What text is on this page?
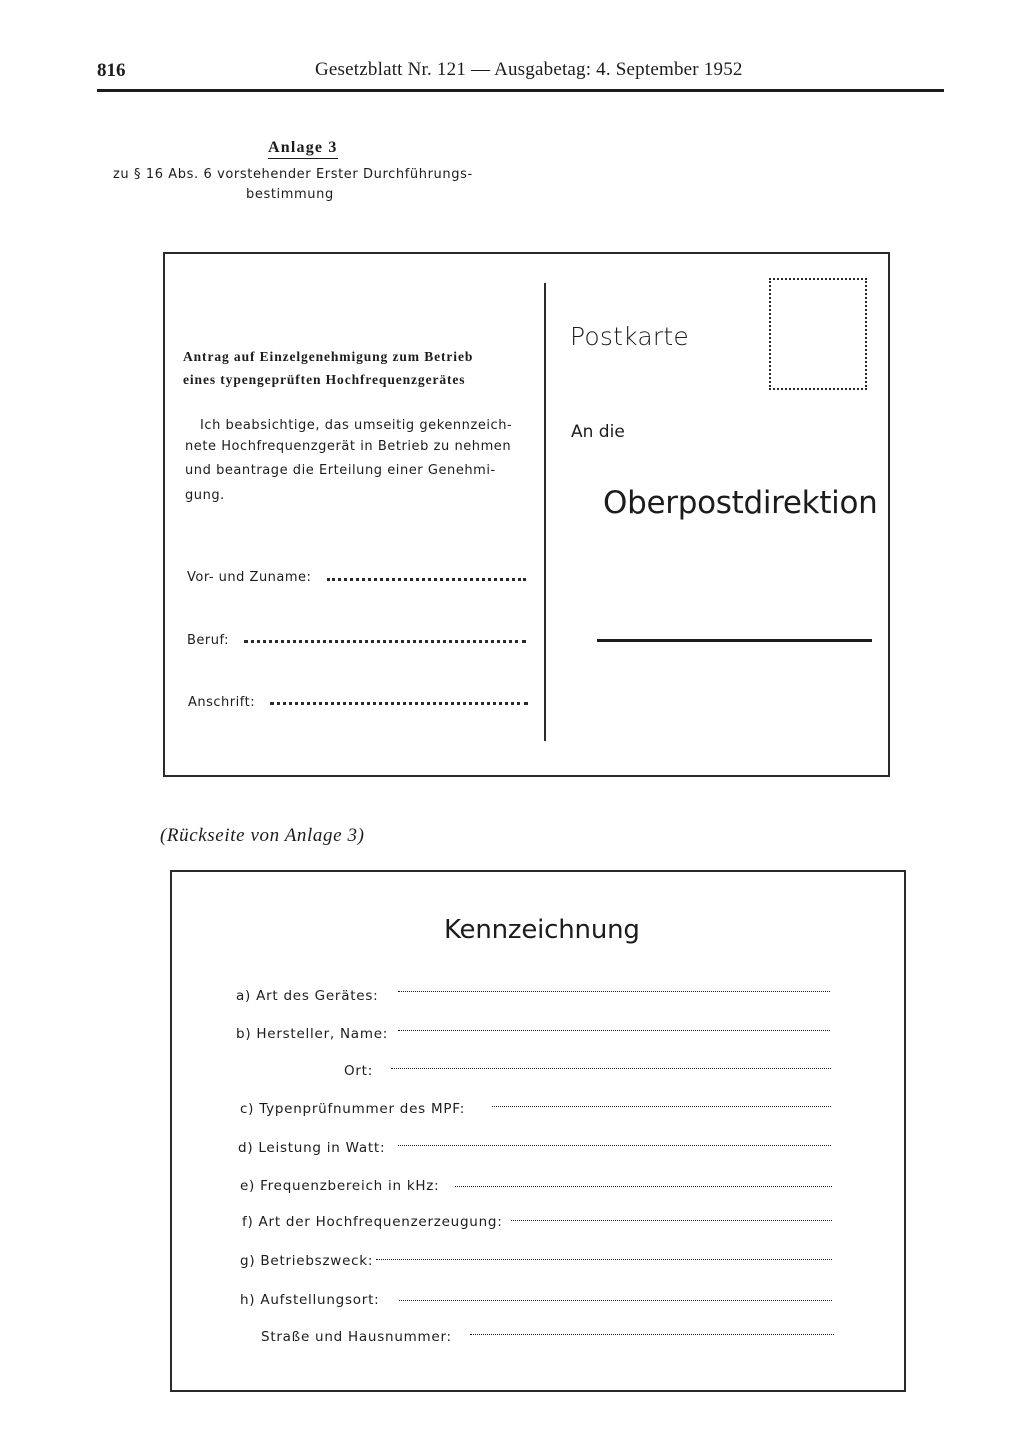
816	Gesetzblatt Nr. 121 — Ausgabetag: 4. September 1952
Anlage 3
zu § 16 Abs. 6 vorstehender Erster Durchführungs-
bestimmung
Antrag auf Einzelgenehmigung zum Betrieb
eines typengeprüften Hochfrequenzgerätes
Ich beabsichtige, das umseitig gekennzeich-
nete Hochfrequenzgerät in Betrieb zu nehmen
und beantrage die Erteilung einer Genehmi-
gung.
Vor- und Zuname:
Beruf:
Anschrift:
Postkarte
An die
Oberpostdirektion
(Rückseite von Anlage 3)
Kennzeichnung
a) Art des Gerätes:
b) Hersteller, Name:
Ort:
c) Typenprüfnummer des MPF:
d) Leistung in Watt:
e) Frequenzbereich in kHz:
f) Art der Hochfrequenzerzeugung:
g) Betriebszweck:
h) Aufstellungsort:
Straße und Hausnummer:
